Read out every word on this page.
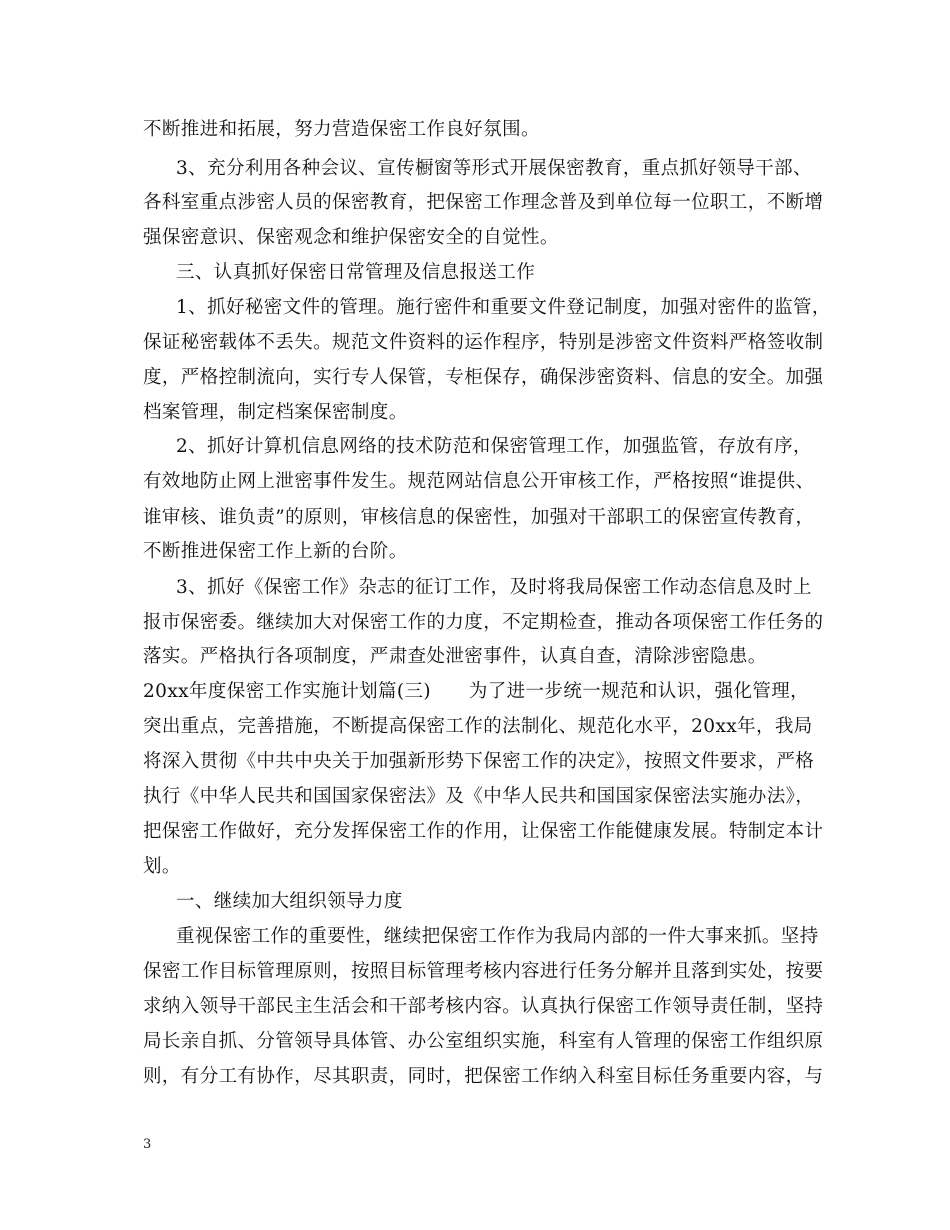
不断推进和拓展，努力营造保密工作良好氛围。
3、充分利用各种会议、宣传橱窗等形式开展保密教育，重点抓好领导干部、
各科室重点涉密人员的保密教育，把保密工作理念普及到单位每一位职工，不断增
强保密意识、保密观念和维护保密安全的自觉性。
三、认真抓好保密日常管理及信息报送工作
1、抓好秘密文件的管理。施行密件和重要文件登记制度，加强对密件的监管，
保证秘密载体不丢失。规范文件资料的运作程序，特别是涉密文件资料严格签收制
度，严格控制流向，实行专人保管，专柜保存，确保涉密资料、信息的安全。加强
档案管理，制定档案保密制度。
2、抓好计算机信息网络的技术防范和保密管理工作，加强监管，存放有序，
有效地防止网上泄密事件发生。规范网站信息公开审核工作，严格按照“谁提供、
谁审核、谁负责”的原则，审核信息的保密性，加强对干部职工的保密宣传教育，
不断推进保密工作上新的台阶。
3、抓好《保密工作》杂志的征订工作，及时将我局保密工作动态信息及时上
报市保密委。继续加大对保密工作的力度，不定期检查，推动各项保密工作任务的
落实。严格执行各项制度，严肃查处泄密事件，认真自查，清除涉密隐患。
20xx年度保密工作实施计划篇(三)　　为了进一步统一规范和认识，强化管理，
突出重点，完善措施，不断提高保密工作的法制化、规范化水平，20xx年，我局
将深入贯彻《中共中央关于加强新形势下保密工作的决定》，按照文件要求，严格
执行《中华人民共和国国家保密法》及《中华人民共和国国家保密法实施办法》，
把保密工作做好，充分发挥保密工作的作用，让保密工作能健康发展。特制定本计
划。
一、继续加大组织领导力度
重视保密工作的重要性，继续把保密工作作为我局内部的一件大事来抓。坚持
保密工作目标管理原则，按照目标管理考核内容进行任务分解并且落到实处，按要
求纳入领导干部民主生活会和干部考核内容。认真执行保密工作领导责任制，坚持
局长亲自抓、分管领导具体管、办公室组织实施，科室有人管理的保密工作组织原
则，有分工有协作，尽其职责，同时，把保密工作纳入科室目标任务重要内容，与
3
